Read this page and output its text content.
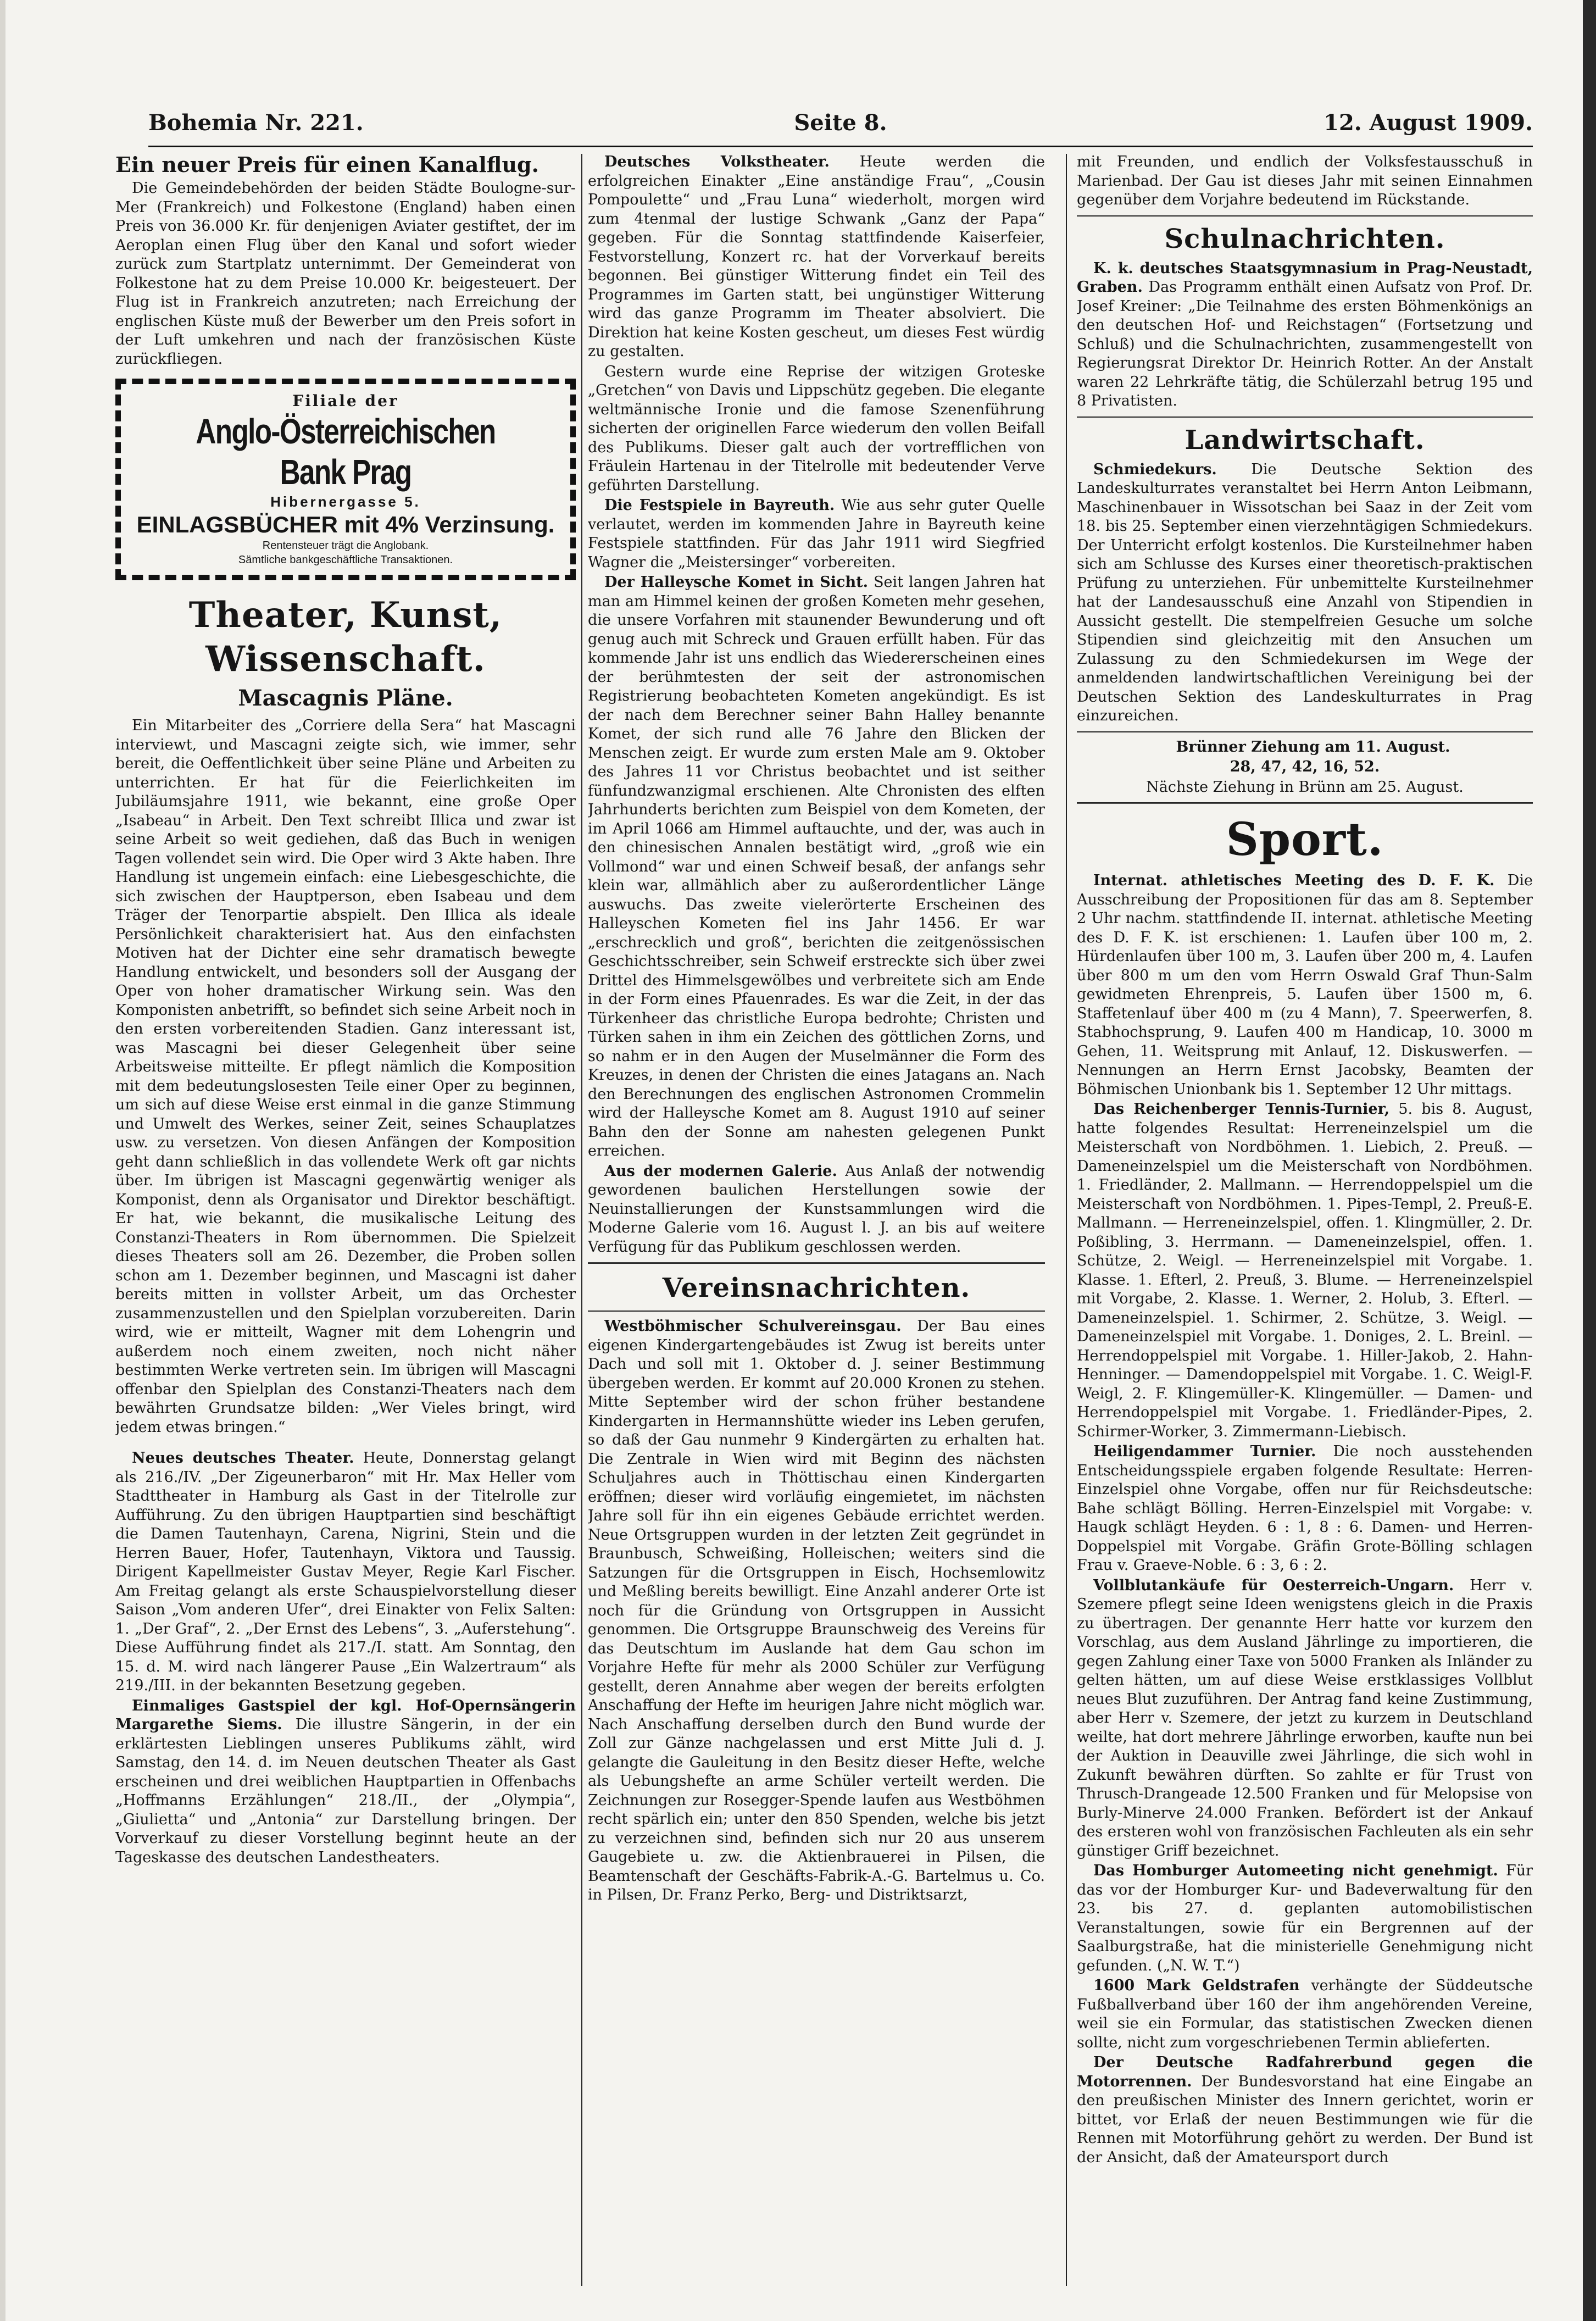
Bohemia Nr. 221.	Seite 8.	12. August 1909.
Ein neuer Preis für einen Kanalflug.

Die Gemeindebehörden der beiden Städte Boulogne-sur-Mer (Frankreich) und Folkestone (England) haben einen Preis von 36.000 Kr. für denjenigen Aviater gestiftet, der im Aeroplan einen Flug über den Kanal und sofort wieder zurück zum Startplatz unternimmt. Der Gemeinderat von Folkestone hat zu dem Preise 10.000 Kr. beigesteuert. Der Flug ist in Frankreich anzutreten; nach Erreichung der englischen Küste muß der Bewerber um den Preis sofort in der Luft umkehren und nach der französischen Küste zurückfliegen.

Filiale der
Anglo-Österreichischen Bank Prag
Hibernergasse 5.
EINLAGSBÜCHER mit 4% Verzinsung.
Rentensteuer trägt die Anglobank.
Sämtliche bankgeschäftliche Transaktionen.
Theater, Kunst, Wissenschaft.
Mascagnis Pläne.

Ein Mitarbeiter des „Corriere della Sera“ hat Mascagni interviewt, und Mascagni zeigte sich, wie immer, sehr bereit, die Oeffentlichkeit über seine Pläne und Arbeiten zu unterrichten. Er hat für die Feierlichkeiten im Jubiläumsjahre 1911, wie bekannt, eine große Oper „Isabeau“ in Arbeit. Den Text schreibt Illica und zwar ist seine Arbeit so weit gediehen, daß das Buch in wenigen Tagen vollendet sein wird. Die Oper wird 3 Akte haben. Ihre Handlung ist ungemein einfach: eine Liebesgeschichte, die sich zwischen der Hauptperson, eben Isabeau und dem Träger der Tenorpartie abspielt. Den Illica als ideale Persönlichkeit charakterisiert hat. Aus den einfachsten Motiven hat der Dichter eine sehr dramatisch bewegte Handlung entwickelt, und besonders soll der Ausgang der Oper von hoher dramatischer Wirkung sein. Was den Komponisten anbetrifft, so befindet sich seine Arbeit noch in den ersten vorbereitenden Stadien. Ganz interessant ist, was Mascagni bei dieser Gelegenheit über seine Arbeitsweise mitteilte. Er pflegt nämlich die Komposition mit dem bedeutungslosesten Teile einer Oper zu beginnen, um sich auf diese Weise erst einmal in die ganze Stimmung und Umwelt des Werkes, seiner Zeit, seines Schauplatzes usw. zu versetzen. Von diesen Anfängen der Komposition geht dann schließlich in das vollendete Werk oft gar nichts über. Im übrigen ist Mascagni gegenwärtig weniger als Komponist, denn als Organisator und Direktor beschäftigt. Er hat, wie bekannt, die musikalische Leitung des Constanzi-Theaters in Rom übernommen. Die Spielzeit dieses Theaters soll am 26. Dezember, die Proben sollen schon am 1. Dezember beginnen, und Mascagni ist daher bereits mitten in vollster Arbeit, um das Orchester zusammenzustellen und den Spielplan vorzubereiten. Darin wird, wie er mitteilt, Wagner mit dem Lohengrin und außerdem noch einem zweiten, noch nicht näher bestimmten Werke vertreten sein. Im übrigen will Mascagni offenbar den Spielplan des Constanzi-Theaters nach dem bewährten Grundsatze bilden: „Wer Vieles bringt, wird jedem etwas bringen.“

Neues deutsches Theater. Heute, Donnerstag gelangt als 216./IV. „Der Zigeunerbaron“ mit Hr. Max Heller vom Stadttheater in Hamburg als Gast in der Titelrolle zur Aufführung. Zu den übrigen Hauptpartien sind beschäftigt die Damen Tautenhayn, Carena, Nigrini, Stein und die Herren Bauer, Hofer, Tautenhayn, Viktora und Taussig. Dirigent Kapellmeister Gustav Meyer, Regie Karl Fischer. Am Freitag gelangt als erste Schauspielvorstellung dieser Saison „Vom anderen Ufer“, drei Einakter von Felix Salten: 1. „Der Graf“, 2. „Der Ernst des Lebens“, 3. „Auferstehung“. Diese Aufführung findet als 217./I. statt. Am Sonntag, den 15. d. M. wird nach längerer Pause „Ein Walzertraum“ als 219./III. in der bekannten Besetzung gegeben.

Einmaliges Gastspiel der kgl. Hof-Opernsängerin Margarethe Siems. Die illustre Sängerin, in der ein erklärtesten Lieblingen unseres Publikums zählt, wird Samstag, den 14. d. im Neuen deutschen Theater als Gast erscheinen und drei weiblichen Hauptpartien in Offenbachs „Hoffmanns Erzählungen“ 218./II., der „Olympia“, „Giulietta“ und „Antonia“ zur Darstellung bringen. Der Vorverkauf zu dieser Vorstellung beginnt heute an der Tageskasse des deutschen Landestheaters.

Deutsches Volkstheater. Heute werden die erfolgreichen Einakter „Eine anständige Frau“, „Cousin Pompoulette“ und „Frau Luna“ wiederholt, morgen wird zum 4tenmal der lustige Schwank „Ganz der Papa“ gegeben. Für die Sonntag stattfindende Kaiserfeier, Festvorstellung, Konzert rc. hat der Vorverkauf bereits begonnen. Bei günstiger Witterung findet ein Teil des Programmes im Garten statt, bei ungünstiger Witterung wird das ganze Programm im Theater absolviert. Die Direktion hat keine Kosten gescheut, um dieses Fest würdig zu gestalten.

Gestern wurde eine Reprise der witzigen Groteske „Gretchen“ von Davis und Lippschütz gegeben. Die elegante weltmännische Ironie und die famose Szenenführung sicherten der originellen Farce wiederum den vollen Beifall des Publikums. Dieser galt auch der vortrefflichen von Fräulein Hartenau in der Titelrolle mit bedeutender Verve geführten Darstellung.

Die Festspiele in Bayreuth. Wie aus sehr guter Quelle verlautet, werden im kommenden Jahre in Bayreuth keine Festspiele stattfinden. Für das Jahr 1911 wird Siegfried Wagner die „Meistersinger“ vorbereiten.

Der Halleysche Komet in Sicht. Seit langen Jahren hat man am Himmel keinen der großen Kometen mehr gesehen, die unsere Vorfahren mit staunender Bewunderung und oft genug auch mit Schreck und Grauen erfüllt haben. Für das kommende Jahr ist uns endlich das Wiedererscheinen eines der berühmtesten der seit der astronomischen Registrierung beobachteten Kometen angekündigt. Es ist der nach dem Berechner seiner Bahn Halley benannte Komet, der sich rund alle 76 Jahre den Blicken der Menschen zeigt. Er wurde zum ersten Male am 9. Oktober des Jahres 11 vor Christus beobachtet und ist seither fünfundzwanzigmal erschienen. Alte Chronisten des elften Jahrhunderts berichten zum Beispiel von dem Kometen, der im April 1066 am Himmel auftauchte, und der, was auch in den chinesischen Annalen bestätigt wird, „groß wie ein Vollmond“ war und einen Schweif besaß, der anfangs sehr klein war, allmählich aber zu außerordentlicher Länge auswuchs. Das zweite vielerörterte Erscheinen des Halleyschen Kometen fiel ins Jahr 1456. Er war „erschrecklich und groß“, berichten die zeitgenössischen Geschichtsschreiber, sein Schweif erstreckte sich über zwei Drittel des Himmelsgewölbes und verbreitete sich am Ende in der Form eines Pfauenrades. Es war die Zeit, in der das Türkenheer das christliche Europa bedrohte; Christen und Türken sahen in ihm ein Zeichen des göttlichen Zorns, und so nahm er in den Augen der Muselmänner die Form des Kreuzes, in denen der Christen die eines Jatagans an. Nach den Berechnungen des englischen Astronomen Crommelin wird der Halleysche Komet am 8. August 1910 auf seiner Bahn den der Sonne am nahesten gelegenen Punkt erreichen.

Aus der modernen Galerie. Aus Anlaß der notwendig gewordenen baulichen Herstellungen sowie der Neuinstallierungen der Kunstsammlungen wird die Moderne Galerie vom 16. August l. J. an bis auf weitere Verfügung für das Publikum geschlossen werden.

Vereinsnachrichten.

Westböhmischer Schulvereinsgau. Der Bau eines eigenen Kindergartengebäudes ist Zwug ist bereits unter Dach und soll mit 1. Oktober d. J. seiner Bestimmung übergeben werden. Er kommt auf 20.000 Kronen zu stehen. Mitte September wird der schon früher bestandene Kindergarten in Hermannshütte wieder ins Leben gerufen, so daß der Gau nunmehr 9 Kindergärten zu erhalten hat. Die Zentrale in Wien wird mit Beginn des nächsten Schuljahres auch in Thöttischau einen Kindergarten eröffnen; dieser wird vorläufig eingemietet, im nächsten Jahre soll für ihn ein eigenes Gebäude errichtet werden. Neue Ortsgruppen wurden in der letzten Zeit gegründet in Braunbusch, Schweißing, Holleischen; weiters sind die Satzungen für die Ortsgruppen in Eisch, Hochsemlowitz und Meßling bereits bewilligt. Eine Anzahl anderer Orte ist noch für die Gründung von Ortsgruppen in Aussicht genommen. Die Ortsgruppe Braunschweig des Vereins für das Deutschtum im Auslande hat dem Gau schon im Vorjahre Hefte für mehr als 2000 Schüler zur Verfügung gestellt, deren Annahme aber wegen der bereits erfolgten Anschaffung der Hefte im heurigen Jahre nicht möglich war. Nach Anschaffung derselben durch den Bund wurde der Zoll zur Gänze nachgelassen und erst Mitte Juli d. J. gelangte die Gauleitung in den Besitz dieser Hefte, welche als Uebungshefte an arme Schüler verteilt werden. Die Zeichnungen zur Rosegger-Spende laufen aus Westböhmen recht spärlich ein; unter den 850 Spenden, welche bis jetzt zu verzeichnen sind, befinden sich nur 20 aus unserem Gaugebiete u. zw. die Aktienbrauerei in Pilsen, die Beamtenschaft der Geschäfts-Fabrik-A.-G. Bartelmus u. Co. in Pilsen, Dr. Franz Perko, Berg- und Distriktsarzt,

mit Freunden, und endlich der Volksfestausschuß in Marienbad. Der Gau ist dieses Jahr mit seinen Einnahmen gegenüber dem Vorjahre bedeutend im Rückstande.

Schulnachrichten.

K. k. deutsches Staatsgymnasium in Prag-Neustadt, Graben. Das Programm enthält einen Aufsatz von Prof. Dr. Josef Kreiner: „Die Teilnahme des ersten Böhmenkönigs an den deutschen Hof- und Reichstagen“ (Fortsetzung und Schluß) und die Schulnachrichten, zusammengestellt von Regierungsrat Direktor Dr. Heinrich Rotter. An der Anstalt waren 22 Lehrkräfte tätig, die Schülerzahl betrug 195 und 8 Privatisten.

Landwirtschaft.

Schmiedekurs. Die Deutsche Sektion des Landeskulturrates veranstaltet bei Herrn Anton Leibmann, Maschinenbauer in Wissotschan bei Saaz in der Zeit vom 18. bis 25. September einen vierzehntägigen Schmiedekurs. Der Unterricht erfolgt kostenlos. Die Kursteilnehmer haben sich am Schlusse des Kurses einer theoretisch-praktischen Prüfung zu unterziehen. Für unbemittelte Kursteilnehmer hat der Landesausschuß eine Anzahl von Stipendien in Aussicht gestellt. Die stempelfreien Gesuche um solche Stipendien sind gleichzeitig mit den Ansuchen um Zulassung zu den Schmiedekursen im Wege der anmeldenden landwirtschaftlichen Vereinigung bei der Deutschen Sektion des Landeskulturrates in Prag einzureichen.

Brünner Ziehung am 11. August.

28, 47, 42, 16, 52.

Nächste Ziehung in Brünn am 25. August.

Sport.

Internat. athletisches Meeting des D. F. K. Die Ausschreibung der Propositionen für das am 8. September 2 Uhr nachm. stattfindende II. internat. athletische Meeting des D. F. K. ist erschienen: 1. Laufen über 100 m, 2. Hürdenlaufen über 100 m, 3. Laufen über 200 m, 4. Laufen über 800 m um den vom Herrn Oswald Graf Thun-Salm gewidmeten Ehrenpreis, 5. Laufen über 1500 m, 6. Staffetenlauf über 400 m (zu 4 Mann), 7. Speerwerfen, 8. Stabhochsprung, 9. Laufen 400 m Handicap, 10. 3000 m Gehen, 11. Weitsprung mit Anlauf, 12. Diskuswerfen. — Nennungen an Herrn Ernst Jacobsky, Beamten der Böhmischen Unionbank bis 1. September 12 Uhr mittags.

Das Reichenberger Tennis-Turnier, 5. bis 8. August, hatte folgendes Resultat: Herreneinzelspiel um die Meisterschaft von Nordböhmen. 1. Liebich, 2. Preuß. — Dameneinzelspiel um die Meisterschaft von Nordböhmen. 1. Friedländer, 2. Mallmann. — Herrendoppelspiel um die Meisterschaft von Nordböhmen. 1. Pipes-Templ, 2. Preuß-E. Mallmann. — Herreneinzelspiel, offen. 1. Klingmüller, 2. Dr. Poßibling, 3. Herrmann. — Dameneinzelspiel, offen. 1. Schütze, 2. Weigl. — Herreneinzelspiel mit Vorgabe. 1. Klasse. 1. Efterl, 2. Preuß, 3. Blume. — Herreneinzelspiel mit Vorgabe, 2. Klasse. 1. Werner, 2. Holub, 3. Efterl. — Dameneinzelspiel. 1. Schirmer, 2. Schütze, 3. Weigl. — Dameneinzelspiel mit Vorgabe. 1. Doniges, 2. L. Breinl. — Herrendoppelspiel mit Vorgabe. 1. Hiller-Jakob, 2. Hahn-Henninger. — Damendoppelspiel mit Vorgabe. 1. C. Weigl-F. Weigl, 2. F. Klingemüller-K. Klingemüller. — Damen- und Herrendoppelspiel mit Vorgabe. 1. Friedländer-Pipes, 2. Schirmer-Worker, 3. Zimmermann-Liebisch.

Heiligendammer Turnier. Die noch ausstehenden Entscheidungsspiele ergaben folgende Resultate: Herren-Einzelspiel ohne Vorgabe, offen nur für Reichsdeutsche: Bahe schlägt Bölling. Herren-Einzelspiel mit Vorgabe: v. Haugk schlägt Heyden. 6 : 1, 8 : 6. Damen- und Herren-Doppelspiel mit Vorgabe. Gräfin Grote-Bölling schlagen Frau v. Graeve-Noble. 6 : 3, 6 : 2.

Vollblutankäufe für Oesterreich-Ungarn. Herr v. Szemere pflegt seine Ideen wenigstens gleich in die Praxis zu übertragen. Der genannte Herr hatte vor kurzem den Vorschlag, aus dem Ausland Jährlinge zu importieren, die gegen Zahlung einer Taxe von 5000 Franken als Inländer zu gelten hätten, um auf diese Weise erstklassiges Vollblut neues Blut zuzuführen. Der Antrag fand keine Zustimmung, aber Herr v. Szemere, der jetzt zu kurzem in Deutschland weilte, hat dort mehrere Jährlinge erworben, kaufte nun bei der Auktion in Deauville zwei Jährlinge, die sich wohl in Zukunft bewähren dürften. So zahlte er für Trust von Thrusch-Drangeade 12.500 Franken und für Melopsise von Burly-Minerve 24.000 Franken. Befördert ist der Ankauf des ersteren wohl von französischen Fachleuten als ein sehr günstiger Griff bezeichnet.

Das Homburger Automeeting nicht genehmigt. Für das vor der Homburger Kur- und Badeverwaltung für den 23. bis 27. d. geplanten automobilistischen Veranstaltungen, sowie für ein Bergrennen auf der Saalburgstraße, hat die ministerielle Genehmigung nicht gefunden. („N. W. T.“)

1600 Mark Geldstrafen verhängte der Süddeutsche Fußballverband über 160 der ihm angehörenden Vereine, weil sie ein Formular, das statistischen Zwecken dienen sollte, nicht zum vorgeschriebenen Termin ablieferten.

Der Deutsche Radfahrerbund gegen die Motorrennen. Der Bundesvorstand hat eine Eingabe an den preußischen Minister des Innern gerichtet, worin er bittet, vor Erlaß der neuen Bestimmungen wie für die Rennen mit Motorführung gehört zu werden. Der Bund ist der Ansicht, daß der Amateursport durch
